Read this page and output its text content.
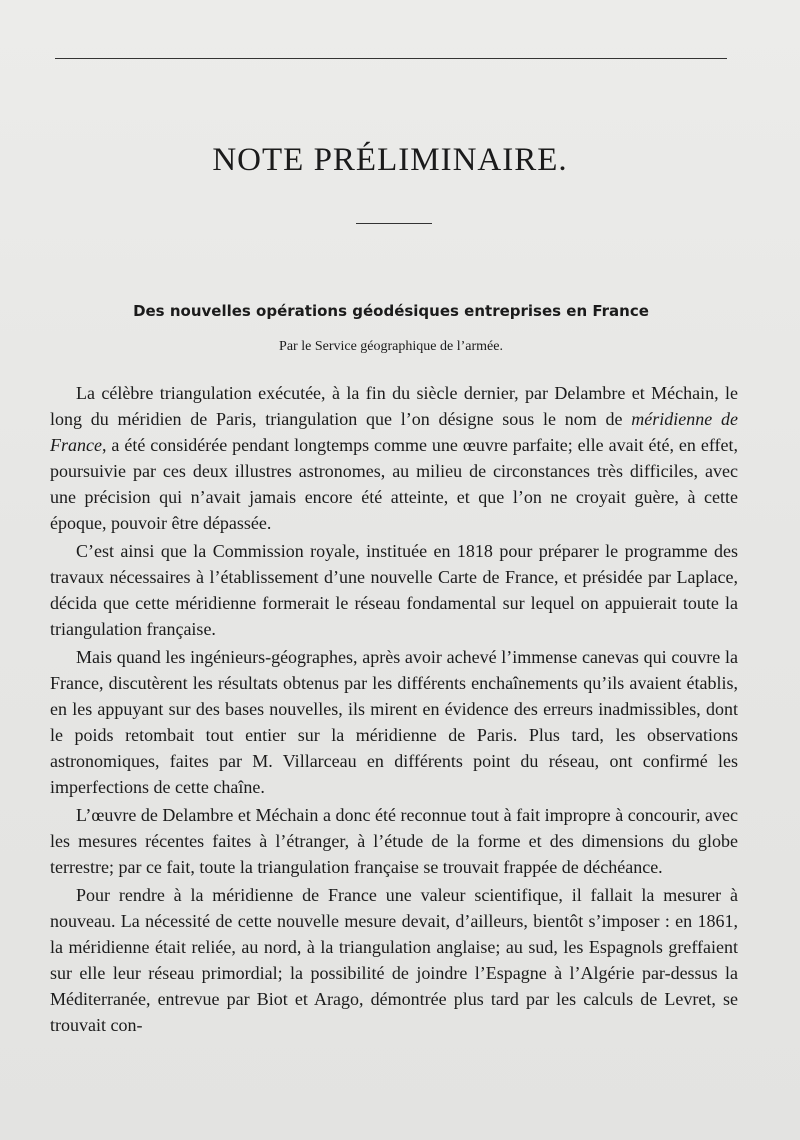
NOTE PRÉLIMINAIRE.
Des nouvelles opérations géodésiques entreprises en France

Par le Service géographique de l’armée.

La célèbre triangulation exécutée, à la fin du siècle dernier, par Delambre et Méchain, le long du méridien de Paris, triangulation que l’on désigne sous le nom de méridienne de France, a été considérée pendant longtemps comme une œuvre parfaite; elle avait été, en effet, poursuivie par ces deux illustres astronomes, au milieu de circonstances très difficiles, avec une précision qui n’avait jamais encore été atteinte, et que l’on ne croyait guère, à cette époque, pouvoir être dépassée.

C’est ainsi que la Commission royale, instituée en 1818 pour préparer le programme des travaux nécessaires à l’établissement d’une nouvelle Carte de France, et présidée par Laplace, décida que cette méridienne formerait le réseau fondamental sur lequel on appuierait toute la triangulation française.

Mais quand les ingénieurs-géographes, après avoir achevé l’immense canevas qui couvre la France, discutèrent les résultats obtenus par les différents enchaînements qu’ils avaient établis, en les appuyant sur des bases nouvelles, ils mirent en évidence des erreurs inadmissibles, dont le poids retombait tout entier sur la méridienne de Paris. Plus tard, les observations astronomiques, faites par M. Villarceau en différents point du réseau, ont confirmé les imperfections de cette chaîne.

L’œuvre de Delambre et Méchain a donc été reconnue tout à fait impropre à concourir, avec les mesures récentes faites à l’étranger, à l’étude de la forme et des dimensions du globe terrestre; par ce fait, toute la triangulation française se trouvait frappée de déchéance.

Pour rendre à la méridienne de France une valeur scientifique, il fallait la mesurer à nouveau. La nécessité de cette nouvelle mesure devait, d’ailleurs, bientôt s’imposer : en 1861, la méridienne était reliée, au nord, à la triangulation anglaise; au sud, les Espagnols greffaient sur elle leur réseau primordial; la possibilité de joindre l’Espagne à l’Algérie par-dessus la Méditerranée, entrevue par Biot et Arago, démontrée plus tard par les calculs de Levret, se trouvait con-
